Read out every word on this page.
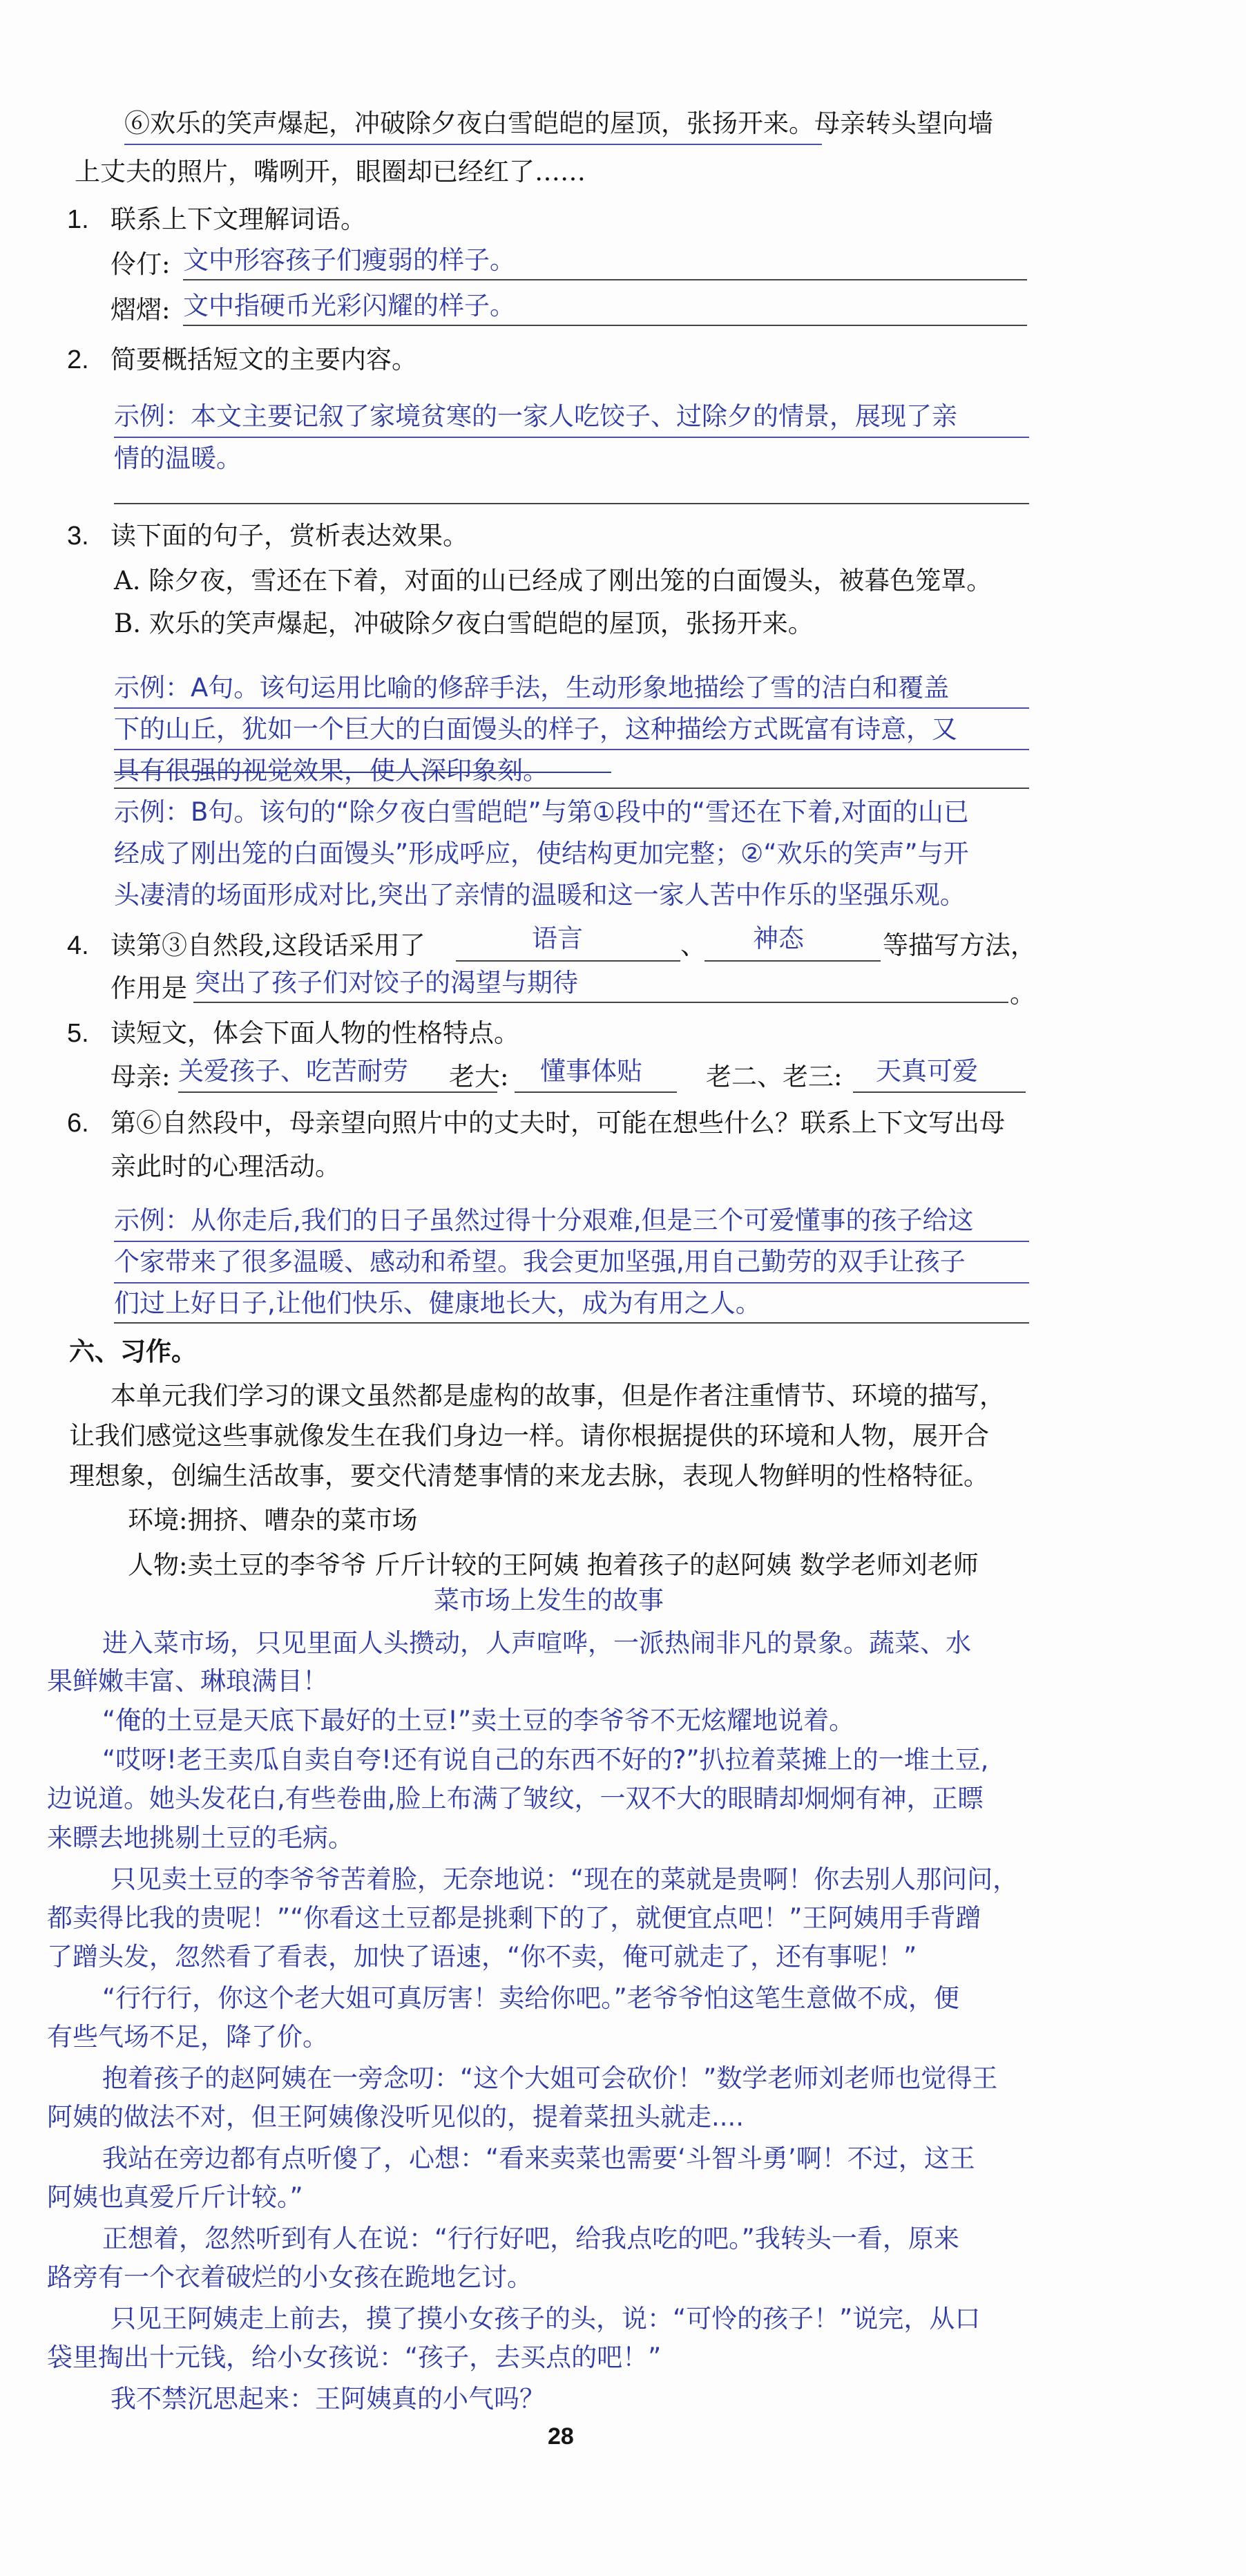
⑥欢乐的笑声爆起，冲破除夕夜白雪皑皑的屋顶，张扬开来。母亲转头望向墙
上丈夫的照片，嘴咧开，眼圈却已经红了……
1. 联系上下文理解词语。
伶仃: 文中形容孩子们瘦弱的样子。
熠熠: 文中指硬币光彩闪耀的样子。
2. 简要概括短文的主要内容。
示例：本文主要记叙了家境贫寒的一家人吃饺子、过除夕的情景，展现了亲
情的温暖。
3. 读下面的句子，赏析表达效果。
A. 除夕夜，雪还在下着，对面的山已经成了刚出笼的白面馒头，被暮色笼罩。
B. 欢乐的笑声爆起，冲破除夕夜白雪皑皑的屋顶，张扬开来。
示例：A句。该句运用比喻的修辞手法，生动形象地描绘了雪的洁白和覆盖
下的山丘，犹如一个巨大的白面馒头的样子，这种描绘方式既富有诗意，又
具有很强的视觉效果，使人深印象刻。
示例：B句。该句的“除夕夜白雪皑皑”与第①段中的“雪还在下着,对面的山已
经成了刚出笼的白面馒头”形成呼应，使结构更加完整；②“欢乐的笑声”与开
头凄清的场面形成对比,突出了亲情的温暖和这一家人苦中作乐的坚强乐观。
4. 读第③自然段,这段话采用了	语言	、 神态	等描写方法，
作用是 突出了孩子们对饺子的渴望与期待	。
5. 读短文，体会下面人物的性格特点。
母亲: 关爱孩子、吃苦耐劳 老大: 懂事体贴 老二、老三: 天真可爱
6. 第⑥自然段中，母亲望向照片中的丈夫时，可能在想些什么？联系上下文写出母
亲此时的心理活动。
示例：从你走后,我们的日子虽然过得十分艰难,但是三个可爱懂事的孩子给这
个家带来了很多温暖、感动和希望。我会更加坚强,用自己勤劳的双手让孩子
们过上好日子,让他们快乐、健康地长大，成为有用之人。
六、习作。
本单元我们学习的课文虽然都是虚构的故事，但是作者注重情节、环境的描写，
让我们感觉这些事就像发生在我们身边一样。请你根据提供的环境和人物，展开合
理想象，创编生活故事，要交代清楚事情的来龙去脉，表现人物鲜明的性格特征。
环境:拥挤、嘈杂的菜市场
人物:卖土豆的李爷爷 斤斤计较的王阿姨 抱着孩子的赵阿姨 数学老师刘老师
菜市场上发生的故事
进入菜市场，只见里面人头攒动，人声喧哗，一派热闹非凡的景象。蔬菜、水
果鲜嫩丰富、琳琅满目！
“俺的土豆是天底下最好的土豆!”卖土豆的李爷爷不无炫耀地说着。
“哎呀!老王卖瓜自卖自夸!还有说自己的东西不好的?”扒拉着菜摊上的一堆土豆,
边说道。她头发花白,有些卷曲,脸上布满了皱纹，一双不大的眼睛却炯炯有神，正瞟
来瞟去地挑剔土豆的毛病。
只见卖土豆的李爷爷苦着脸，无奈地说：“现在的菜就是贵啊！你去别人那问问，
都卖得比我的贵呢！”“你看这土豆都是挑剩下的了，就便宜点吧！”王阿姨用手背蹭
了蹭头发，忽然看了看表，加快了语速，“你不卖，俺可就走了，还有事呢！”
“行行行，你这个老大姐可真厉害！卖给你吧。”老爷爷怕这笔生意做不成，便
有些气场不足，降了价。
抱着孩子的赵阿姨在一旁念叨：“这个大姐可会砍价！”数学老师刘老师也觉得王
阿姨的做法不对，但王阿姨像没听见似的，提着菜扭头就走....
我站在旁边都有点听傻了，心想：“看来卖菜也需要‘斗智斗勇’啊！不过，这王
阿姨也真爱斤斤计较。”
正想着，忽然听到有人在说：“行行好吧，给我点吃的吧。”我转头一看，原来
路旁有一个衣着破烂的小女孩在跪地乞讨。
只见王阿姨走上前去，摸了摸小女孩子的头，说：“可怜的孩子！”说完，从口
袋里掏出十元钱，给小女孩说：“孩子，去买点的吧！”
我不禁沉思起来：王阿姨真的小气吗？
28
